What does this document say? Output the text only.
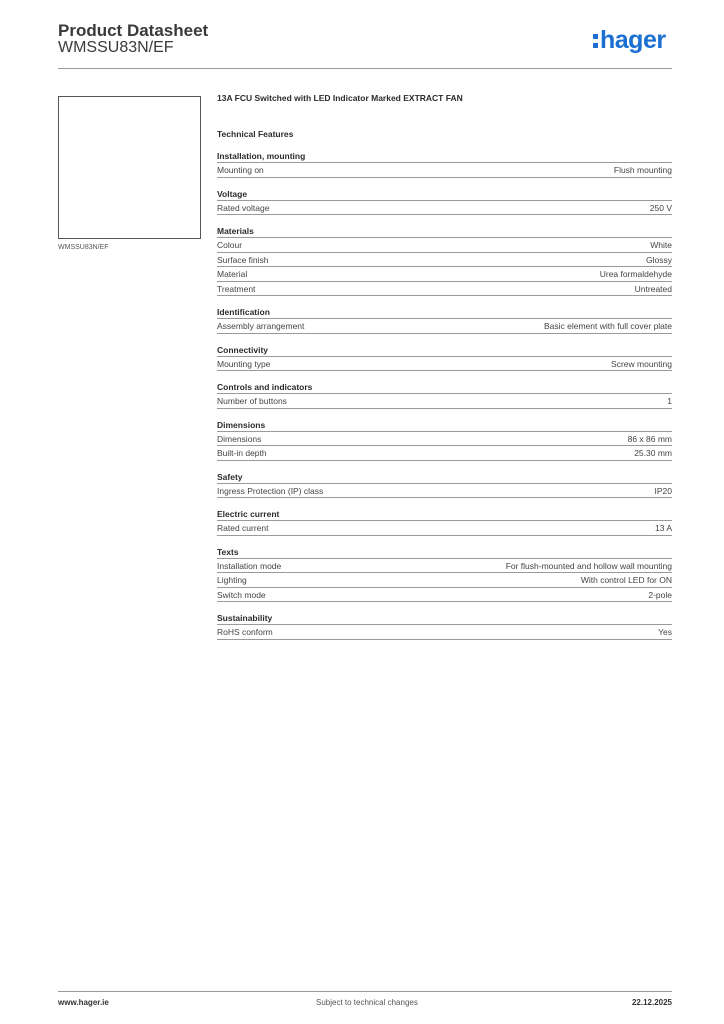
Product Datasheet
WMSSU83N/EF	hager
WMSSU83N/EF
13A FCU Switched with LED Indicator Marked EXTRACT FAN
Technical Features
Installation, mounting
Mounting on	Flush mounting
Voltage
Rated voltage	250 V
Materials
Colour	White
Surface finish	Glossy
Material	Urea formaldehyde
Treatment	Untreated
Identification
Assembly arrangement	Basic element with full cover plate
Connectivity
Mounting type	Screw mounting
Controls and indicators
Number of buttons	1
Dimensions
Dimensions	86 x 86 mm
Built-in depth	25.30 mm
Safety
Ingress Protection (IP) class	IP20
Electric current
Rated current	13 A
Texts
Installation mode	For flush-mounted and hollow wall mounting
Lighting	With control LED for ON
Switch mode	2-pole
Sustainability
RoHS conform	Yes
www.hager.ie	Subject to technical changes	22.12.2025
